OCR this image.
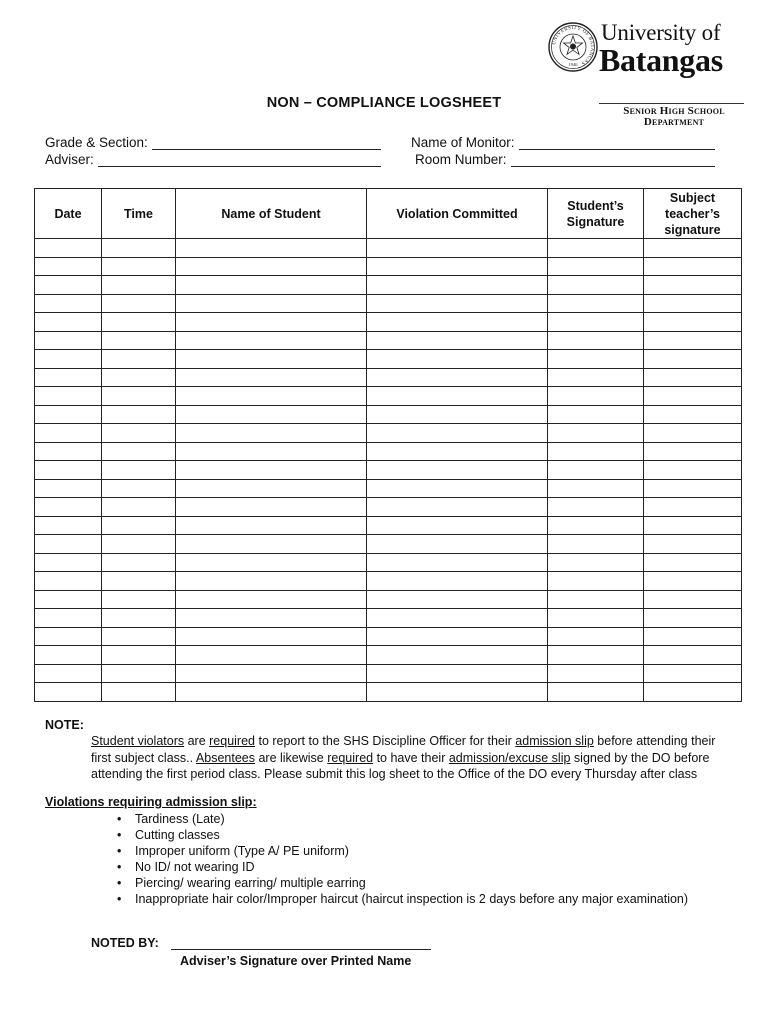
UNIVERSITY OF BATANGAS
1946
University of
Batangas
Senior High School
Department
NON – COMPLIANCE LOGSHEET
Grade & Section:
Adviser:
Name of Monitor:
Room Number:
Date	Time	Name of Student	Violation Committed	Student’s Signature	Subject teacher’s signature

NOTE:
Student violators are required to report to the SHS Discipline Officer for their admission slip before attending their first subject class.. Absentees are likewise required to have their admission/excuse slip signed by the DO before attending the first period class. Please submit this log sheet to the Office of the DO every Thursday after class
Violations requiring admission slip:
• Tardiness (Late)
• Cutting classes
• Improper uniform (Type A/ PE uniform)
• No ID/ not wearing ID
• Piercing/ wearing earring/ multiple earring
• Inappropriate hair color/Improper haircut (haircut inspection is 2 days before any major examination)
NOTED BY:
Adviser’s Signature over Printed Name
